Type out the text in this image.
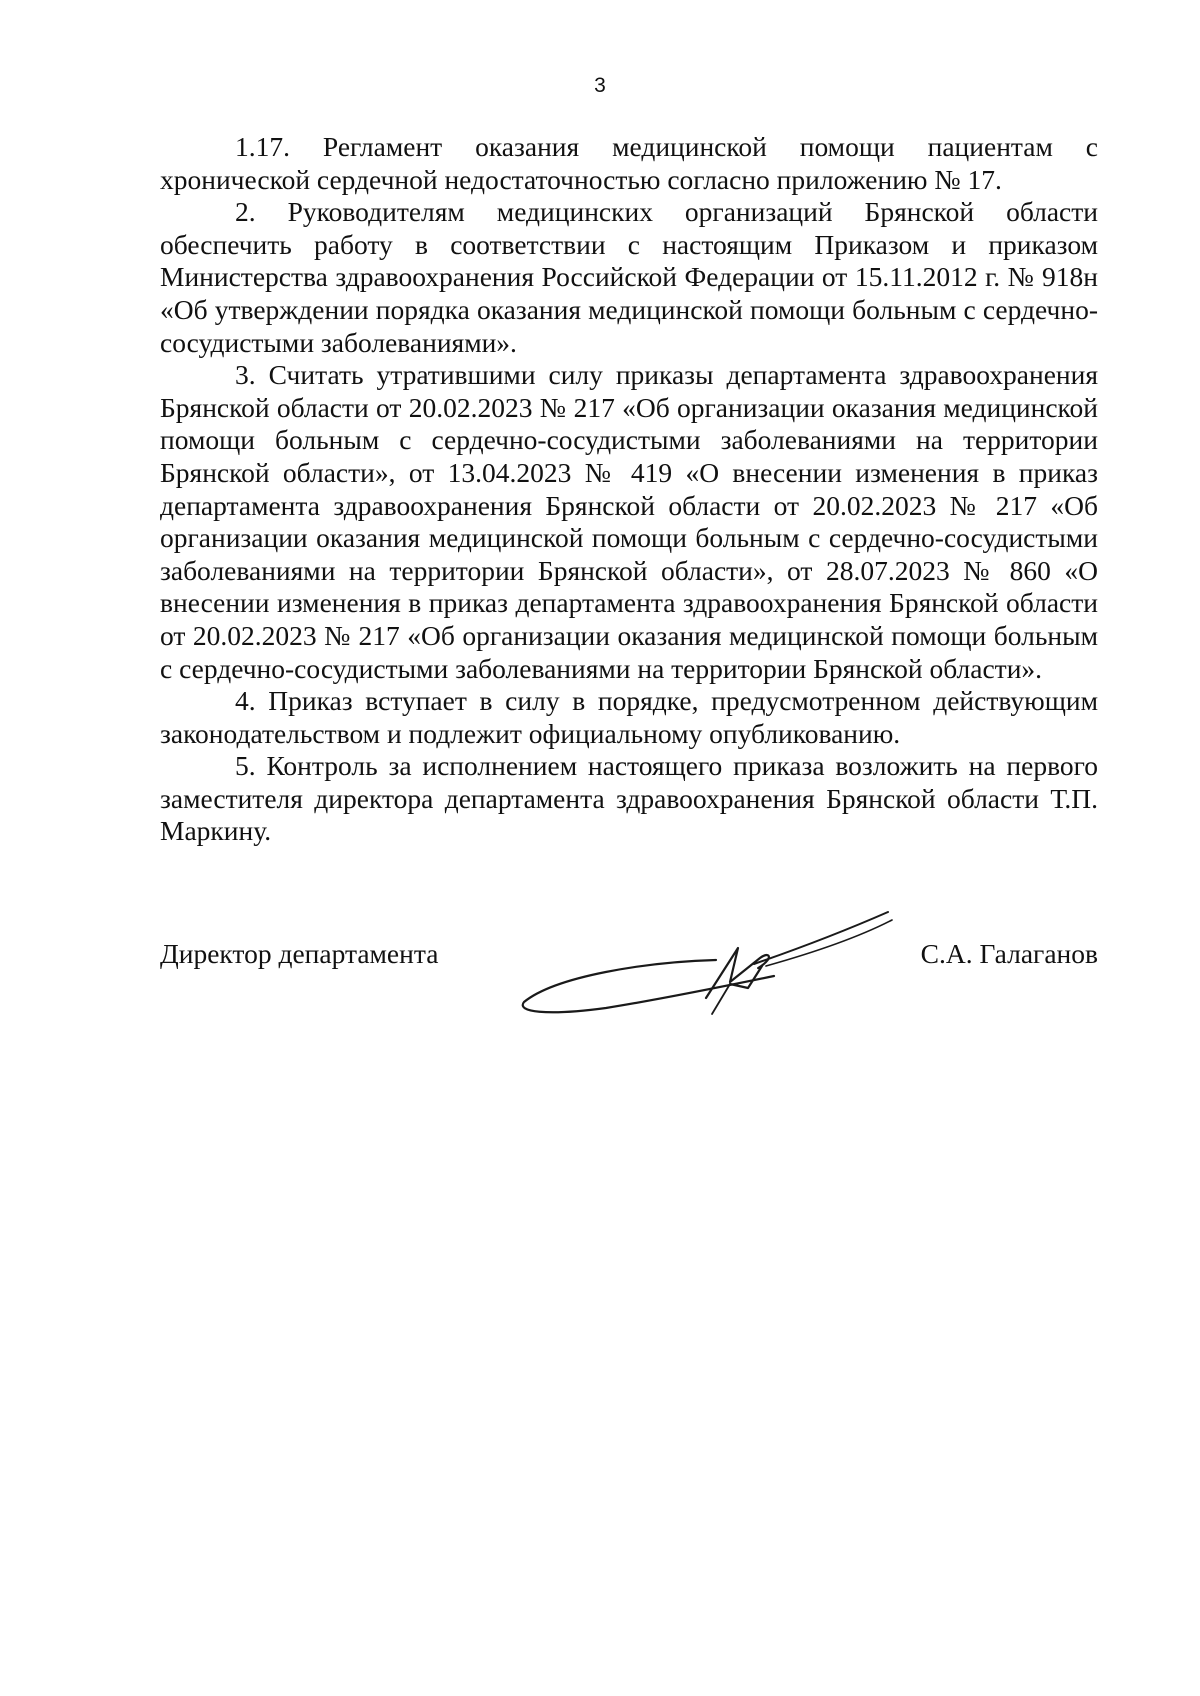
3

1.17. Регламент оказания медицинской помощи пациентам с хронической сердечной недостаточностью согласно приложению № 17.

2. Руководителям медицинских организаций Брянской области обеспечить работу в соответствии с настоящим Приказом и приказом Министерства здравоохранения Российской Федерации от 15.11.2012 г. № 918н «Об утверждении порядка оказания медицинской помощи больным с сердечно-сосудистыми заболеваниями».

3. Считать утратившими силу приказы департамента здравоохранения Брянской области от 20.02.2023 № 217 «Об организации оказания медицинской помощи больным с сердечно-сосудистыми заболеваниями на территории Брянской области», от 13.04.2023 № 419 «О внесении изменения в приказ департамента здравоохранения Брянской области от 20.02.2023 № 217 «Об организации оказания медицинской помощи больным с сердечно-сосудистыми заболеваниями на территории Брянской области», от 28.07.2023 № 860 «О внесении изменения в приказ департамента здравоохранения Брянской области от 20.02.2023 № 217 «Об организации оказания медицинской помощи больным с сердечно-сосудистыми заболеваниями на территории Брянской области».

4. Приказ вступает в силу в порядке, предусмотренном действующим законодательством и подлежит официальному опубликованию.

5. Контроль за исполнением настоящего приказа возложить на первого заместителя директора департамента здравоохранения Брянской области Т.П. Маркину.

Директор департамента	С.А. Галаганов
